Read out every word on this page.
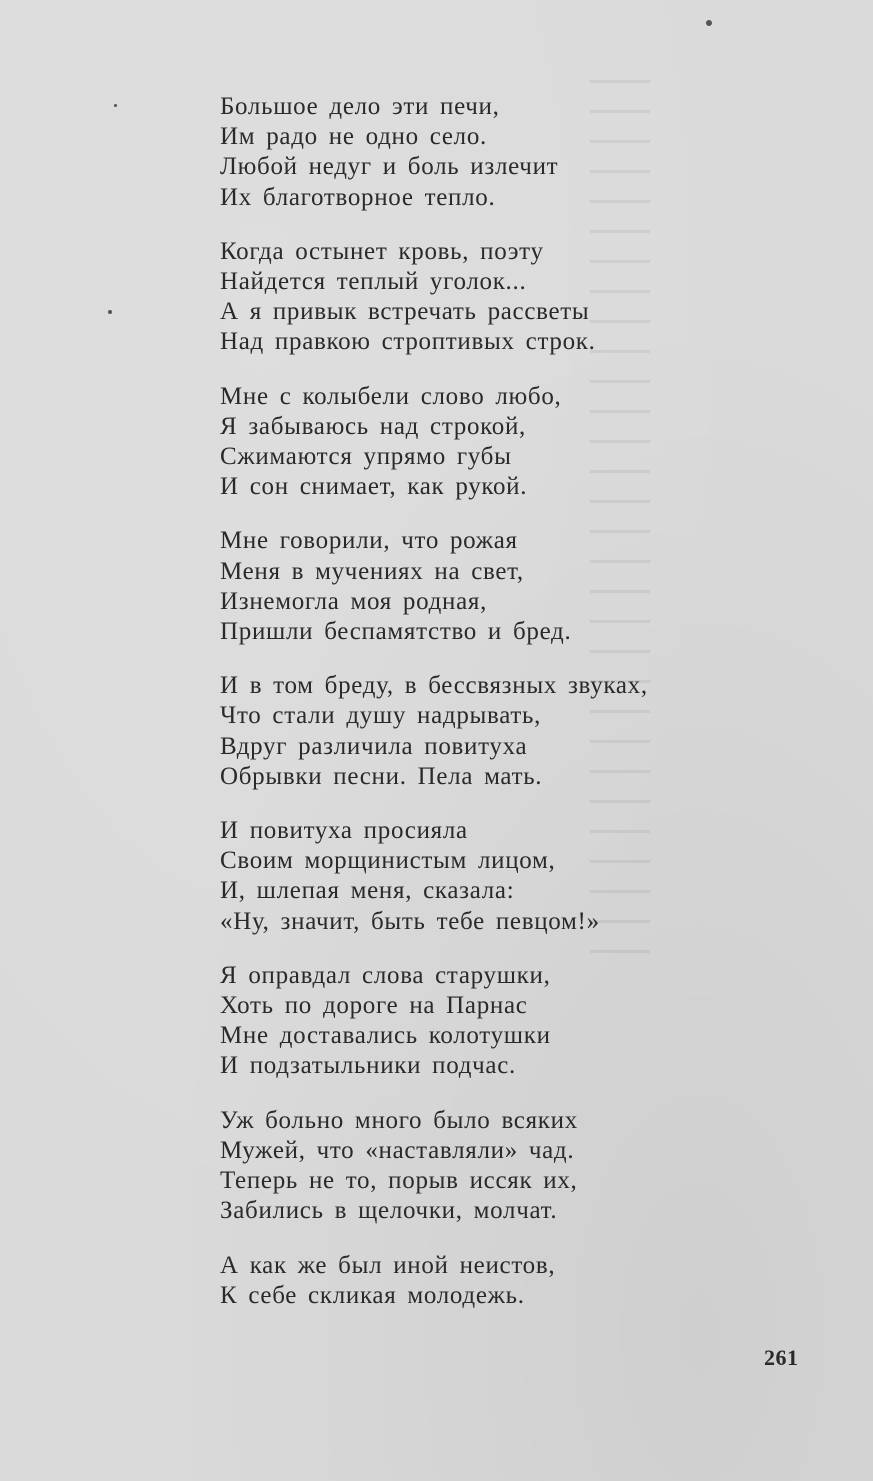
Большое дело эти печи,
Им радо не одно село.
Любой недуг и боль излечит
Их благотворное тепло.
Когда остынет кровь, поэту
Найдется теплый уголок...
А я привык встречать рассветы
Над правкою строптивых строк.
Мне с колыбели слово любо,
Я забываюсь над строкой,
Сжимаются упрямо губы
И сон снимает, как рукой.
Мне говорили, что рожая
Меня в мучениях на свет,
Изнемогла моя родная,
Пришли беспамятство и бред.
И в том бреду, в бессвязных звуках,
Что стали душу надрывать,
Вдруг различила повитуха
Обрывки песни. Пела мать.
И повитуха просияла
Своим морщинистым лицом,
И, шлепая меня, сказала:
«Ну, значит, быть тебе певцом!»
Я оправдал слова старушки,
Хоть по дороге на Парнас
Мне доставались колотушки
И подзатыльники подчас.
Уж больно много было всяких
Мужей, что «наставляли» чад.
Теперь не то, порыв иссяк их,
Забились в щелочки, молчат.
А как же был иной неистов,
К себе скликая молодежь.
261
